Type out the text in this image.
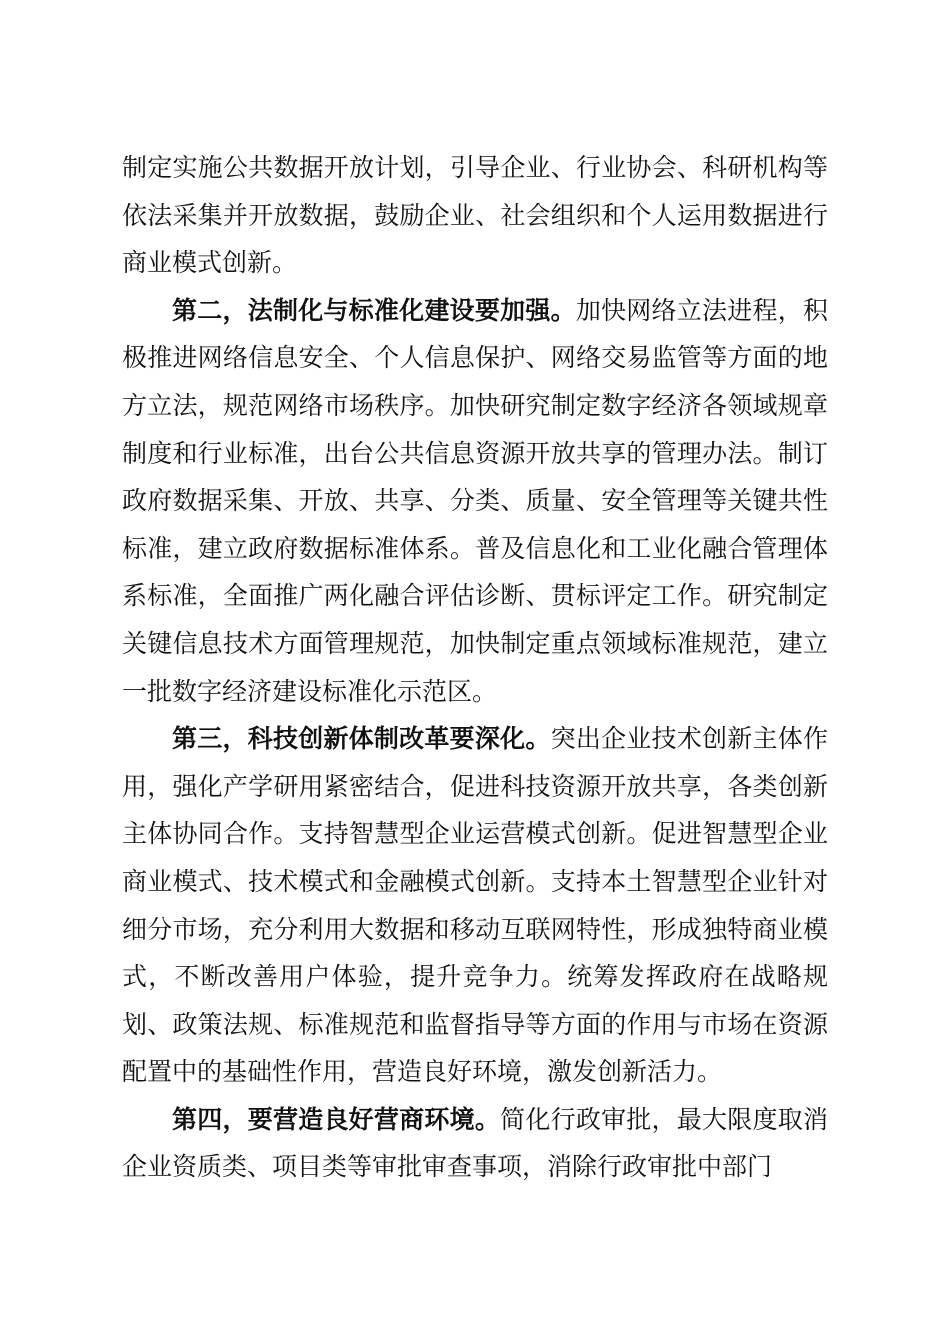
制定实施公共数据开放计划，引导企业、行业协会、科研机构等依法采集并开放数据，鼓励企业、社会组织和个人运用数据进行商业模式创新。

第二，法制化与标准化建设要加强。加快网络立法进程，积极推进网络信息安全、个人信息保护、网络交易监管等方面的地方立法，规范网络市场秩序。加快研究制定数字经济各领域规章制度和行业标准，出台公共信息资源开放共享的管理办法。制订政府数据采集、开放、共享、分类、质量、安全管理等关键共性标准，建立政府数据标准体系。普及信息化和工业化融合管理体系标准，全面推广两化融合评估诊断、贯标评定工作。研究制定关键信息技术方面管理规范，加快制定重点领域标准规范，建立一批数字经济建设标准化示范区。

第三，科技创新体制改革要深化。突出企业技术创新主体作用，强化产学研用紧密结合，促进科技资源开放共享，各类创新主体协同合作。支持智慧型企业运营模式创新。促进智慧型企业商业模式、技术模式和金融模式创新。支持本土智慧型企业针对细分市场，充分利用大数据和移动互联网特性，形成独特商业模式，不断改善用户体验，提升竞争力。统筹发挥政府在战略规划、政策法规、标准规范和监督指导等方面的作用与市场在资源配置中的基础性作用，营造良好环境，激发创新活力。

第四，要营造良好营商环境。简化行政审批，最大限度取消企业资质类、项目类等审批审查事项，消除行政审批中部门
